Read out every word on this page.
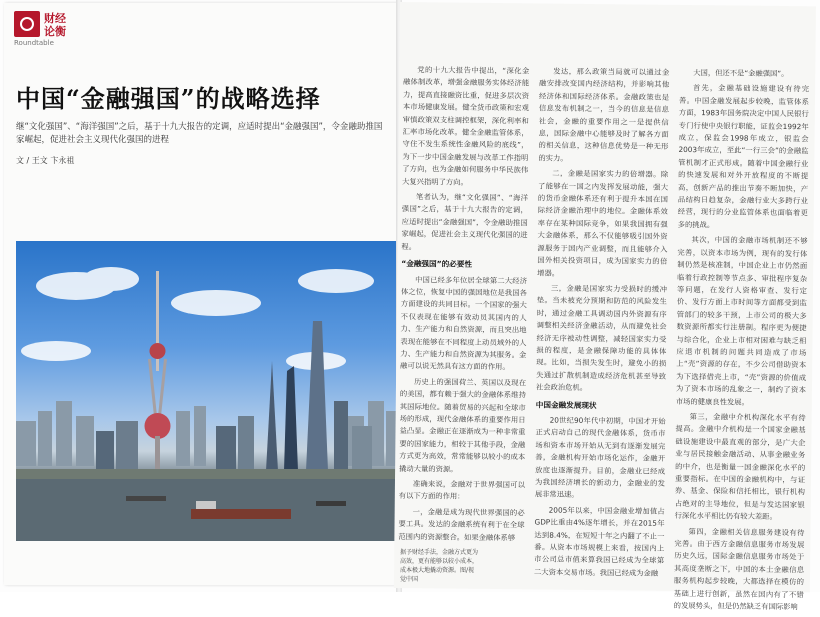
财经
论衡
Roundtable
中国“金融强国”的战略选择
继“文化强国”、“海洋强国”之后，基于十九大报告的定调，应适时提出“金融强国”，令金融助推国家崛起，促进社会主义现代化强国的进程
文 / 王文 卞永祖

党的十九大报告中提出，“深化金融体制改革，增强金融服务实体经济能力，提高直接融资比重，促进多层次资本市场健康发展。健全货币政策和宏观审慎政策双支柱调控框架，深化利率和汇率市场化改革。健全金融监管体系，守住不发生系统性金融风险的底线”，为下一步中国金融发展与改革工作指明了方向，也为金融如何服务中华民族伟大复兴指明了方向。

笔者认为，继“文化强国”、“海洋强国”之后，基于十九大报告的定调，应适时提出“金融强国”，令金融助推国家崛起，促进社会主义现代化强国的进程。

“金融强国”的必要性

中国已经多年位居全球第二大经济体之位，恢复中国的强国地位是我国各方面建设的共同目标。一个国家的强大不仅表现在能够有效动员其国内的人力、生产能力和自然资源，而且突出地表现在能够在不同程度上动员域外的人力、生产能力和自然资源为其服务。金融可以说无然具有这方面的作用。

历史上的强国荷兰、英国以及现在的美国，都有赖于强大的金融体系维持其国际地位。随着贸易的兴起和全球市场的形成，现代金融体系的重要作用日益凸显。金融正在逐渐成为一种非常重要的国家能力，相较于其他手段，金融方式更为高效，常常能够以较小的成本撬动大量的资源。

准确来说，金融对于世界强国可以有以下方面的作用：

一，金融是成为现代世界强国的必要工具。发达的金融系统有利于在全球范围内的资源整合。如果金融体系够

发达，那么政策当局就可以通过金融安排改变国内经济结构，并影响其他经济体和国际经济体系。金融政策也是信息发布机制之一，当今的信息是信息社会，金融的重要作用之一是提供信息，国际金融中心能够及时了解各方面的相关信息，这种信息优势是一种无形的实力。

二，金融是国家实力的倍增器。除了能够在一国之内发挥发展动能，强大的货币金融体系还有利于提升本国在国际经济金融治理中的地位。金融体系效率存在某种国际竞争，如果我国拥有强大金融体系，那么不仅能够吸引国外资源服务于国内产业调整，而且能够介入国外相关投资项目，成为国家实力的倍增器。

三，金融是国家实力受损时的缓冲垫。当未被充分预期和防范的风险发生时，通过金融工具调动国内外资源有序调整相关经济金融活动，从而避免社会经济无序被动性调整，减轻国家实力受损的程度，是金融保障功能的具体体现。比如，当损失发生时，避免小的损失通过扩散机制造成经济危机甚至导致社会政治危机。

中国金融发展现状

20世纪90年代中初期，中国才开始正式启动自己的现代金融体系，货币市场和资本市场开始从无到有逐渐发展完善，金融机构开始市场化运作，金融开放度也逐渐提升。目前，金融业已经成为我国经济增长的新动力，金融业的发展非常迅速。

2005年以来，中国金融业增加值占GDP比重由4%逐年增长，并在2015年达到8.4%，在短短十年之内翻了不止一番。从资本市场规模上来看，按国内上市公司总市值来算我国已经成为全球第二大资本交易市场。我国已经成为金融

大国，但还不是“金融强国”。

首先，金融基础设施建设有待完善。中国金融发展起步较晚，监管体系方面，1983年国务院决定中国人民银行专门行使中央银行职能，证监会1992年成立，保监会1998年成立，银监会2003年成立，至此“一行三会”的金融监管机制才正式形成。随着中国金融行业的快速发展和对外开放程度的不断提高，创新产品的推出节奏不断加快，产品结构日趋复杂，金融行业大多跨行业经营，现行的分业监管体系也面临着更多的挑战。

其次，中国的金融市场机制还不够完善，以资本市场为例，现有的发行体制仍然是核准制，中国企业上市仍然面临着行政控制等节点多、审批程序复杂等问题，在发行人资格审查、发行定价、发行方面上市时间等方面都受到监管部门的较多干预，上市公司的极大多数资源所都实行注册制。程序更为便捷与综合化，企业上市相对困难与缺乏相应退市机制的问题共同造成了市场上“壳”资源的存在，不少公司借助资本为下选择借壳上市，“壳”资源的价值成为了资本市场的乱象之一，制约了资本市场的健康良性发展。

第三，金融中介机构深化水平有待提高。金融中介机构是一个国家金融基础设施建设中最直观的部分，是广大企业与居民接触金融活动、从事金融业务的中介，也是衡量一国金融深化水平的重要指标。在中国的金融机构中，与证券、基金、保险和信托相比，银行机构占绝对的主导地位，但是与发达国家银行深化水平相比仍有较大差距。

第四，金融相关信息服务建设有待完善。由于西方金融信息服务市场发展历史久远，国际金融信息服务市场处于其高度垄断之下，中国的本土金融信息服务机构起步较晚，大都选择在模仿的基础上进行创新，虽然在国内有了不错的发展势头，但是仍然缺乏有国际影响

据予财经手法，金融方式更为高效，更有能够以较小成本，成本极大地撬动资源。图/视觉中国
